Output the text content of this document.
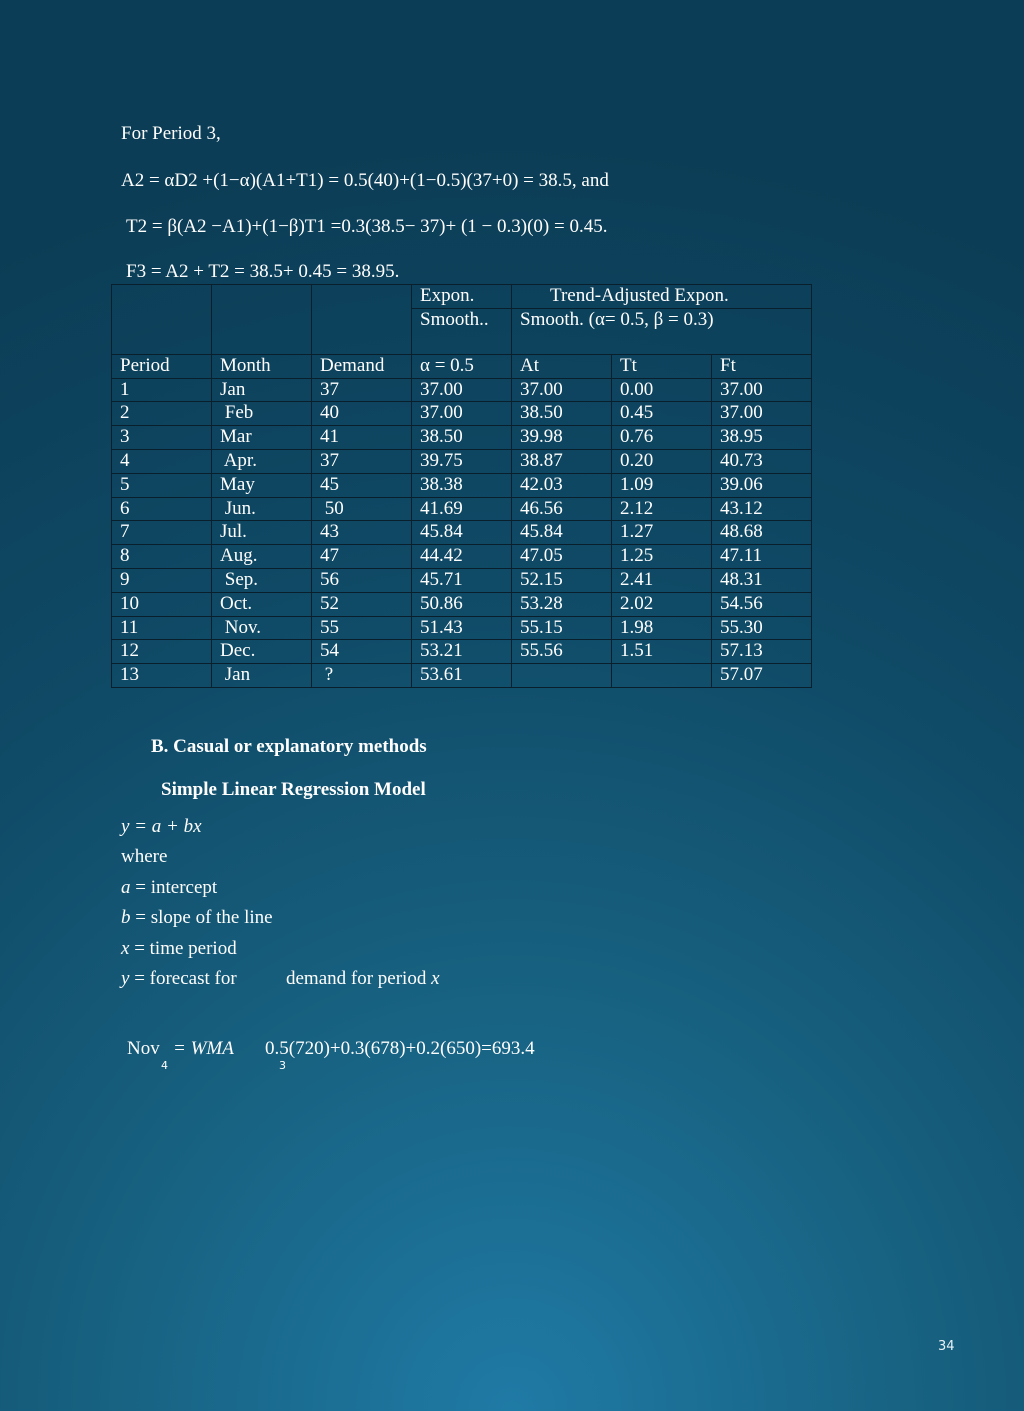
For Period 3,
A2 = αD2 +(1−α)(A1+T1) = 0.5(40)+(1−0.5)(37+0) = 38.5, and
T2 = β(A2 −A1)+(1−β)T1 =0.3(38.5− 37)+ (1 − 0.3)(0) = 0.45.
F3 = A2 + T2 = 38.5+ 0.45 = 38.95.
			Expon.	Trend-Adjusted Expon.		
			Smooth..	Smooth. (α= 0.5, β = 0.3)		
Period	Month	Demand	α = 0.5	At	Tt	Ft
1	Jan	37	37.00	37.00	0.00	37.00
2	Feb	40	37.00	38.50	0.45	37.00
3	Mar	41	38.50	39.98	0.76	38.95
4	Apr.	37	39.75	38.87	0.20	40.73
5	May	45	38.38	42.03	1.09	39.06
6	Jun.	50	41.69	46.56	2.12	43.12
7	Jul.	43	45.84	45.84	1.27	48.68
8	Aug.	47	44.42	47.05	1.25	47.11
9	Sep.	56	45.71	52.15	2.41	48.31
10	Oct.	52	50.86	53.28	2.02	54.56
11	Nov.	55	51.43	55.15	1.98	55.30
12	Dec.	54	53.21	55.56	1.51	57.13
13	Jan	?	53.61			57.07
B. Casual or explanatory methods
Simple Linear Regression Model
y = a + bx
where
a = intercept
b = slope of the line
x = time period
y = forecast for	demand for period x
Nov
4
= WMA 0.5(720)+0.3(678)+0.2(650)=693.4
3
34
